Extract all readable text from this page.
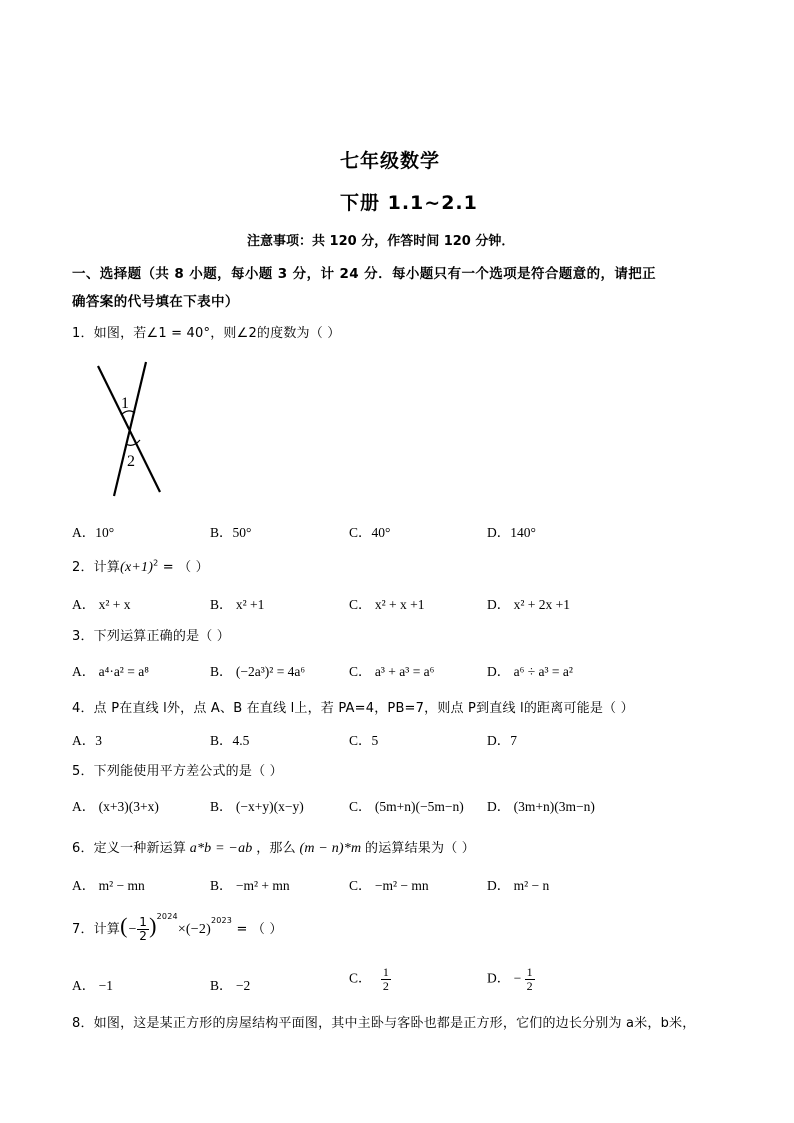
七年级数学
下册 1.1~2.1
注意事项：共 120 分，作答时间 120 分钟．
一、选择题（共 8 小题，每小题 3 分，计 24 分．每小题只有一个选项是符合题意的，请把正
确答案的代号填在下表中）
1．如图，若∠1 = 40°，则∠2的度数为（ ）
1
2
A．10°	B．50°	C．40°	D．140°
2．计算$(x+1)^2$ = （ ）
A． x² + x	B． x² +1	C． x² + x +1	D． x² + 2x +1
3．下列运算正确的是（ ）
A． a⁴·a² = a⁸	B． (−2a³)² = 4a⁶	C． a³ + a³ = a⁶	D． a⁶ ÷ a³ = a²
4．点 P在直线 l外，点 A、B 在直线 l上，若 PA=4，PB=7，则点 P到直线 l的距离可能是（ ）
A．3	B．4.5	C．5	D．7
5．下列能使用平方差公式的是（ ）
A． (x+3)(3+x)	B． (−x+y)(x−y)	C． (5m+n)(−5m−n) D． (3m+n)(3m−n)
6．定义一种新运算 a*b = −ab ，那么 (m − n)*m 的运算结果为（ ）
A． m² − mn	B． −m² + mn	C． −m² − mn	D． m² − n
7．计算(− $\frac{1}{2} )^{2024}\times(-2)^{2023}$ = （ ）
A． −1	B． −2	C． $\frac{1}{2}$	D． − $\frac{1}{2}$
8．如图，这是某正方形的房屋结构平面图，其中主卧与客卧也都是正方形，它们的边长分别为 a米，b米，
